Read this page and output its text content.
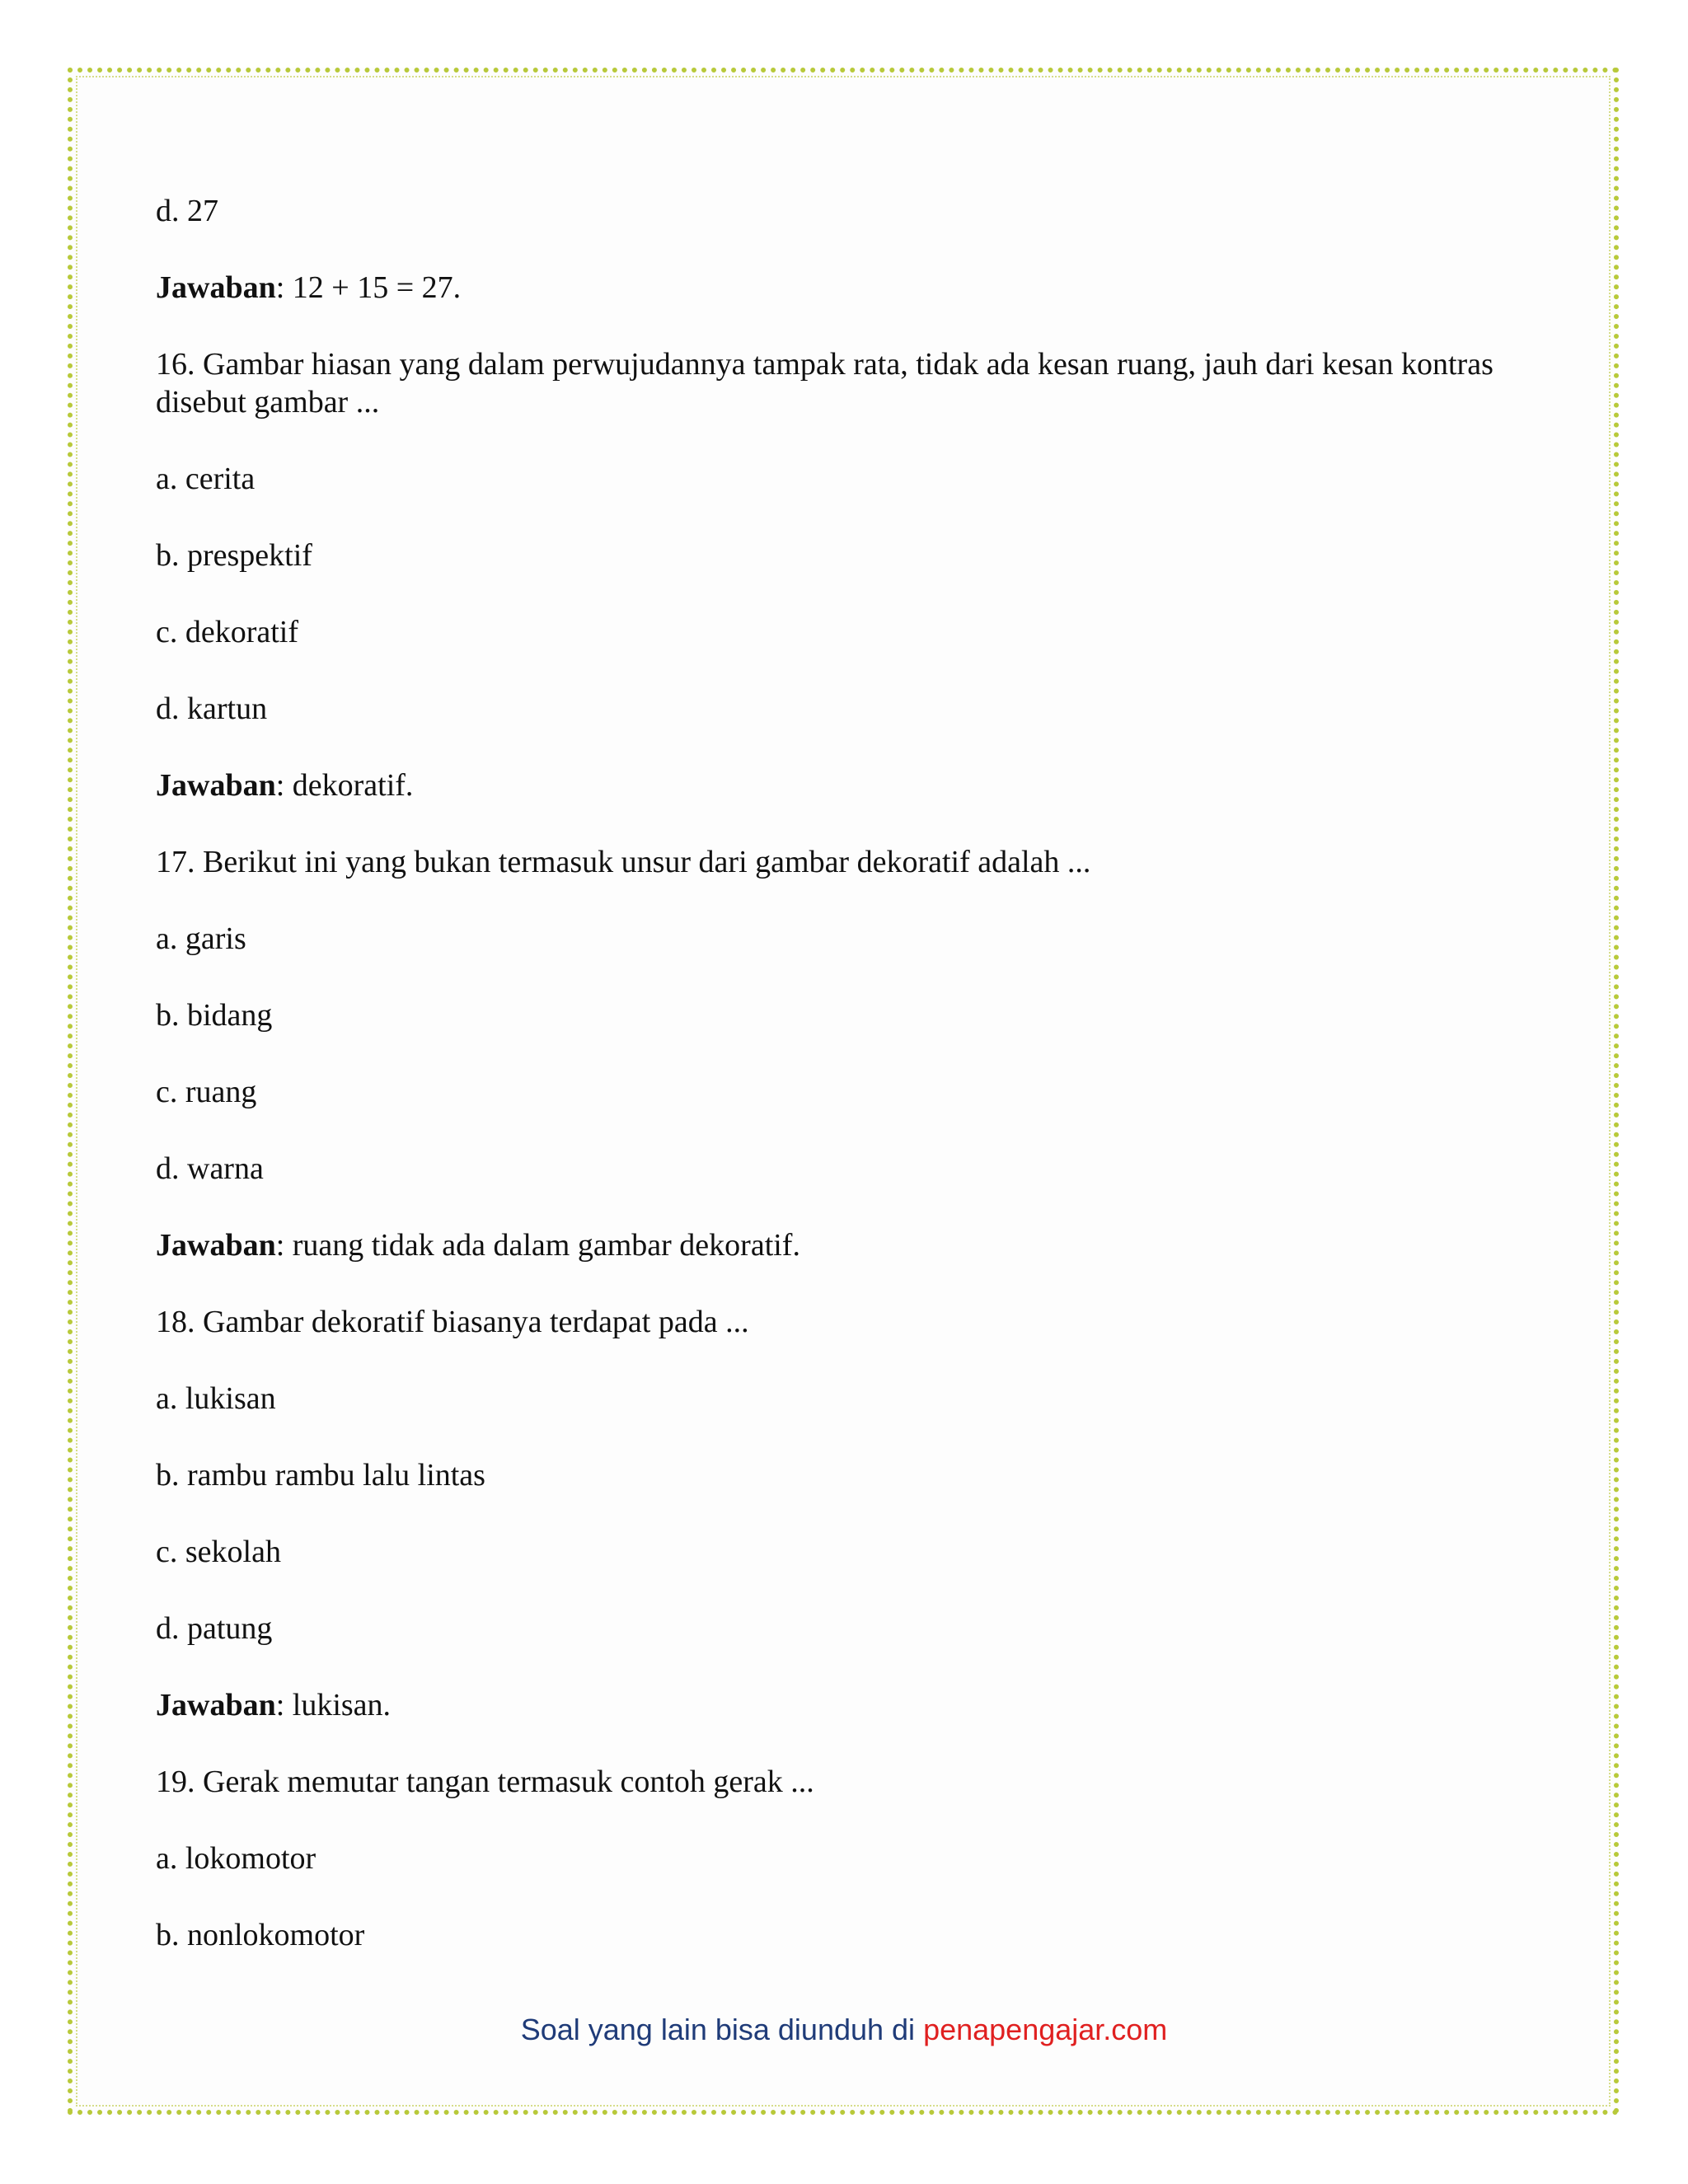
d. 27

Jawaban: 12 + 15 = 27.

16. Gambar hiasan yang dalam perwujudannya tampak rata, tidak ada kesan ruang, jauh dari kesan kontras disebut gambar ...

a. cerita

b. prespektif

c. dekoratif

d. kartun

Jawaban: dekoratif.

17. Berikut ini yang bukan termasuk unsur dari gambar dekoratif adalah ...

a. garis

b. bidang

c. ruang

d. warna

Jawaban: ruang tidak ada dalam gambar dekoratif.

18. Gambar dekoratif biasanya terdapat pada ...

a. lukisan

b. rambu rambu lalu lintas

c. sekolah

d. patung

Jawaban: lukisan.

19. Gerak memutar tangan termasuk contoh gerak ...

a. lokomotor

b. nonlokomotor

Soal yang lain bisa diunduh di penapengajar.com
